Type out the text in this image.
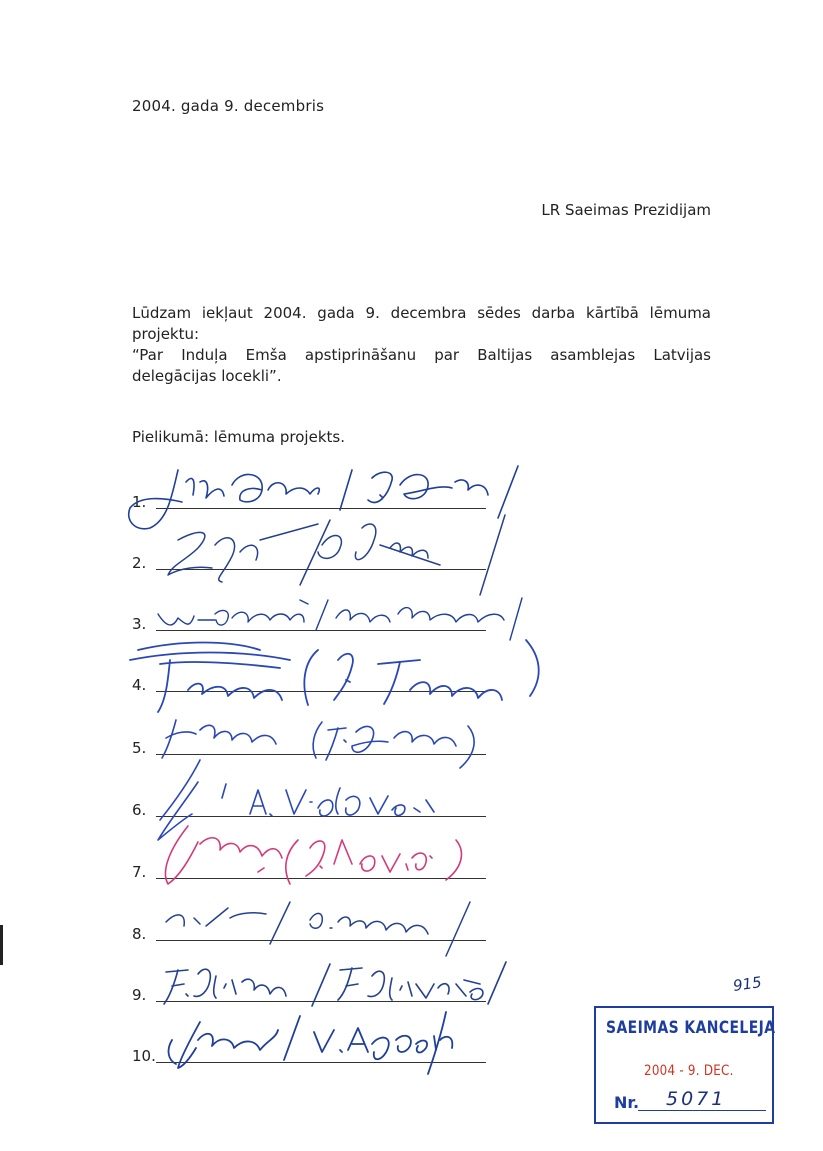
2004. gada 9. decembris
LR Saeimas Prezidijam

Lūdzam iekļaut 2004. gada 9. decembra sēdes darba kārtībā lēmuma

projektu:

“Par Induļa Emša apstiprināšanu par Baltijas asamblejas Latvijas

delegācijas locekli”.

Pielikumā: lēmuma projekts.
1.
2.
3.
4.
5.
6.
7.
8.
9.
10.
915
SAEIMAS KANCELEJA
2004 - 9. DEC.
Nr. 5071
